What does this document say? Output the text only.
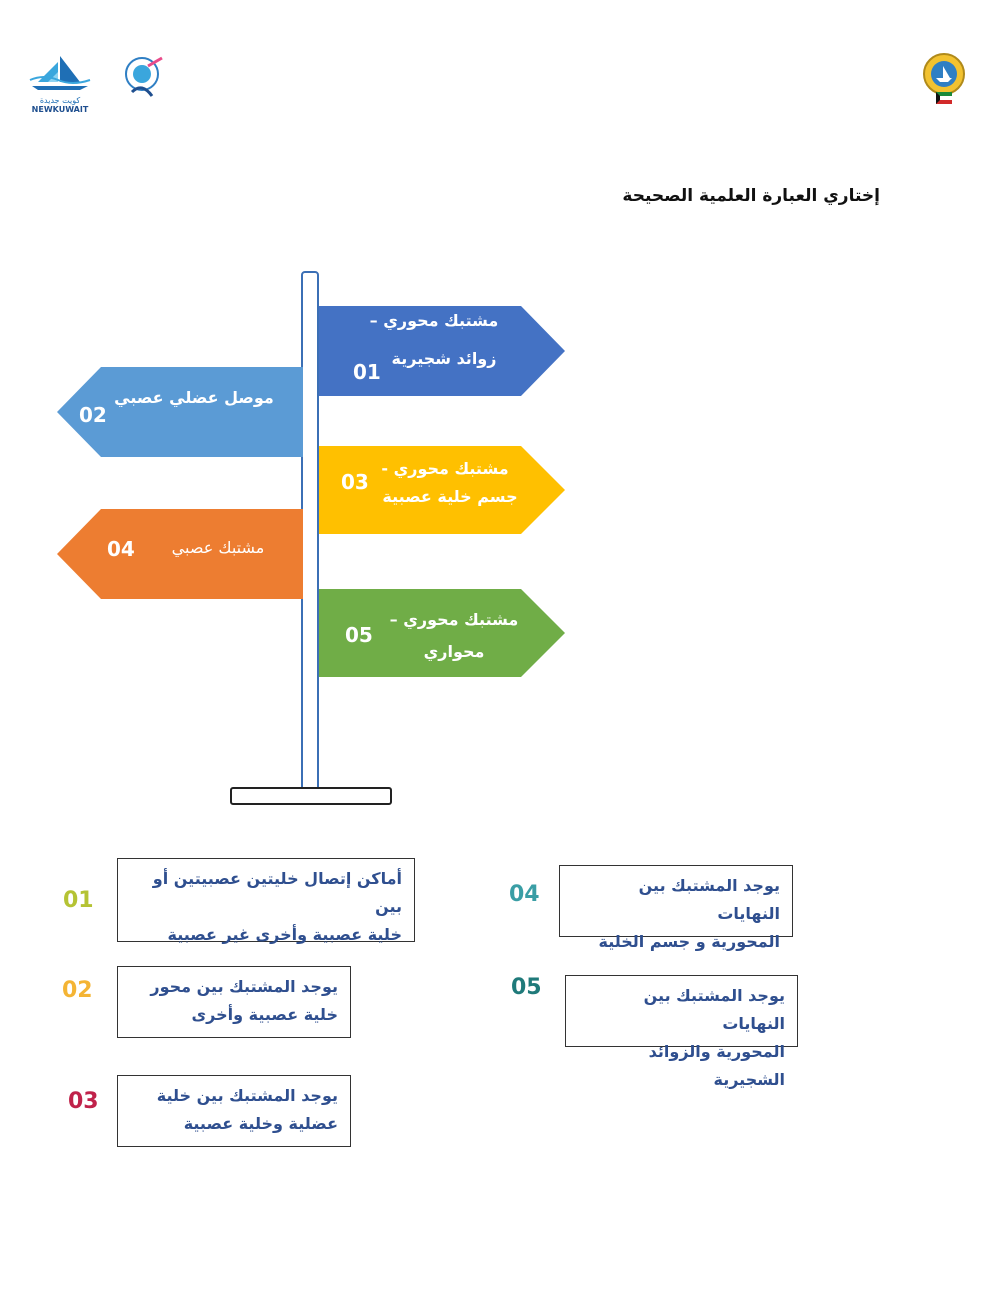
كويت جديدة
NEWKUWAIT
إختاري العبارة العلمية الصحيحة
مشتبك محوري –
زوائد شجيرية
01
موصل عضلي عصبي
02
مشتبك محوري -
جسم خلية عصبية
03
مشتبك عصبي
04
مشتبك محوري –
محواري
05
01
أماكن إتصال خليتين عصبيتين أو بين
خلية عصبية وأخرى غير عصبية
02	يوجد المشتبك بين محور
خلية عصبية وأخرى
03	يوجد المشتبك بين خلية
عضلية وخلية عصبية
04	يوجد المشتبك بين النهايات
المحورية و جسم الخلية
05	يوجد المشتبك بين النهايات
المحورية والزوائد الشجيرية
